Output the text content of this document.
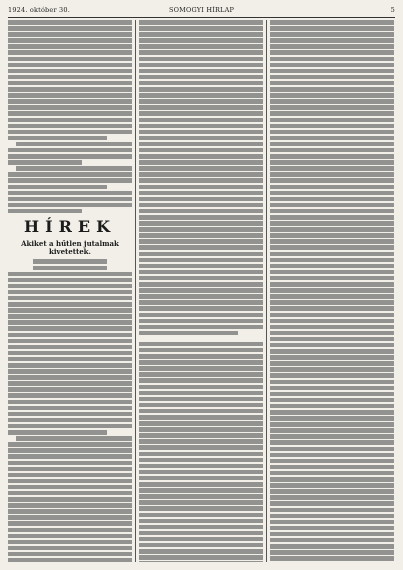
1924. október 30.	SOMOGYI HÍRLAP	5
HÍREK
Akiket a hűtlen jutalmak kivetettek.
